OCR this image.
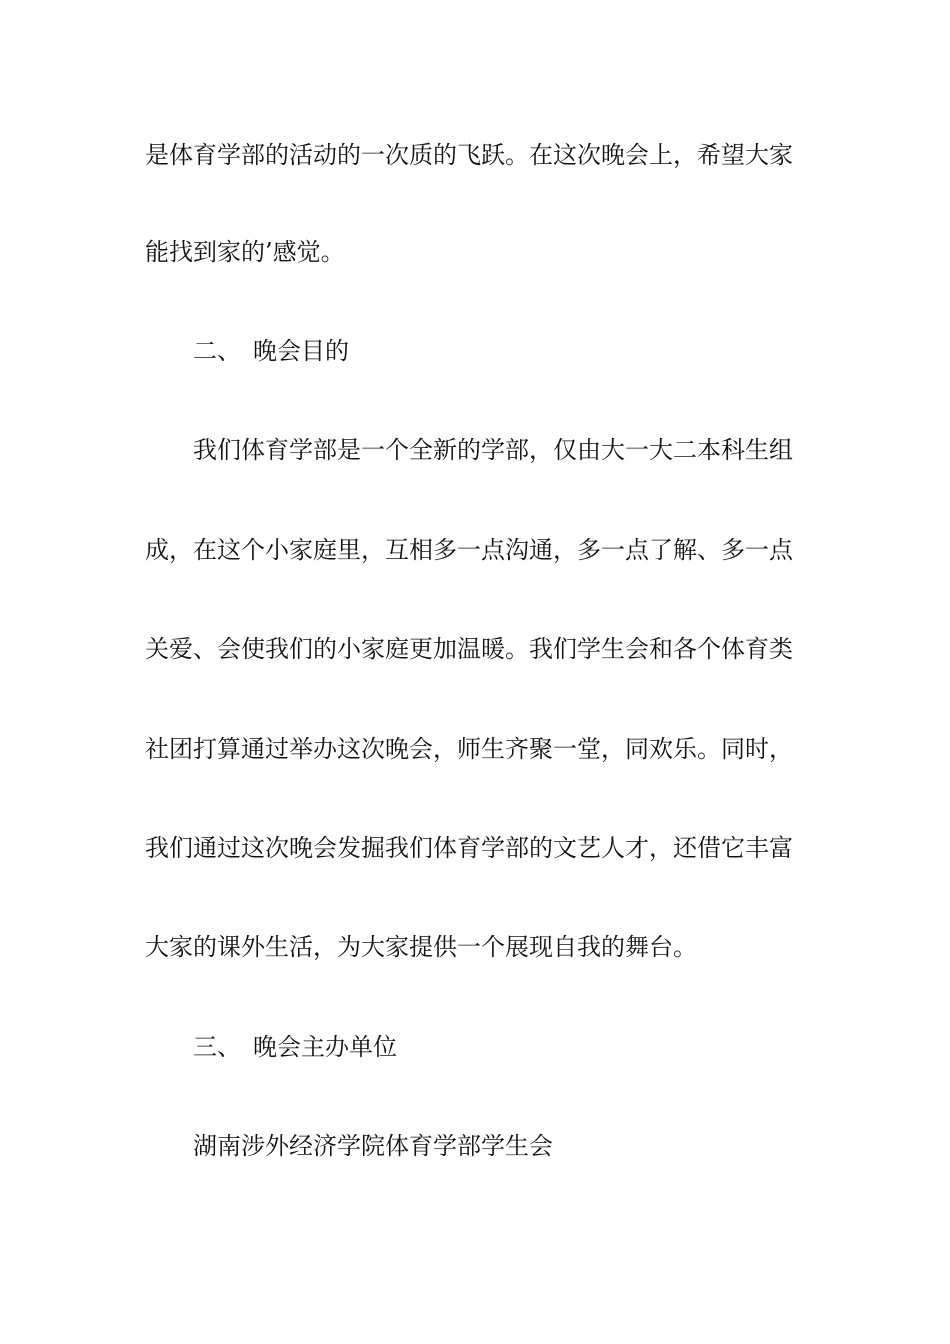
是体育学部的活动的一次质的飞跃。在这次晚会上，希望大家
能找到家的’感觉。
二、 晚会目的
我们体育学部是一个全新的学部，仅由大一大二本科生组
成，在这个小家庭里，互相多一点沟通，多一点了解、多一点
关爱、会使我们的小家庭更加温暖。我们学生会和各个体育类
社团打算通过举办这次晚会，师生齐聚一堂，同欢乐。同时，
我们通过这次晚会发掘我们体育学部的文艺人才，还借它丰富
大家的课外生活，为大家提供一个展现自我的舞台。
三、 晚会主办单位
湖南涉外经济学院体育学部学生会
